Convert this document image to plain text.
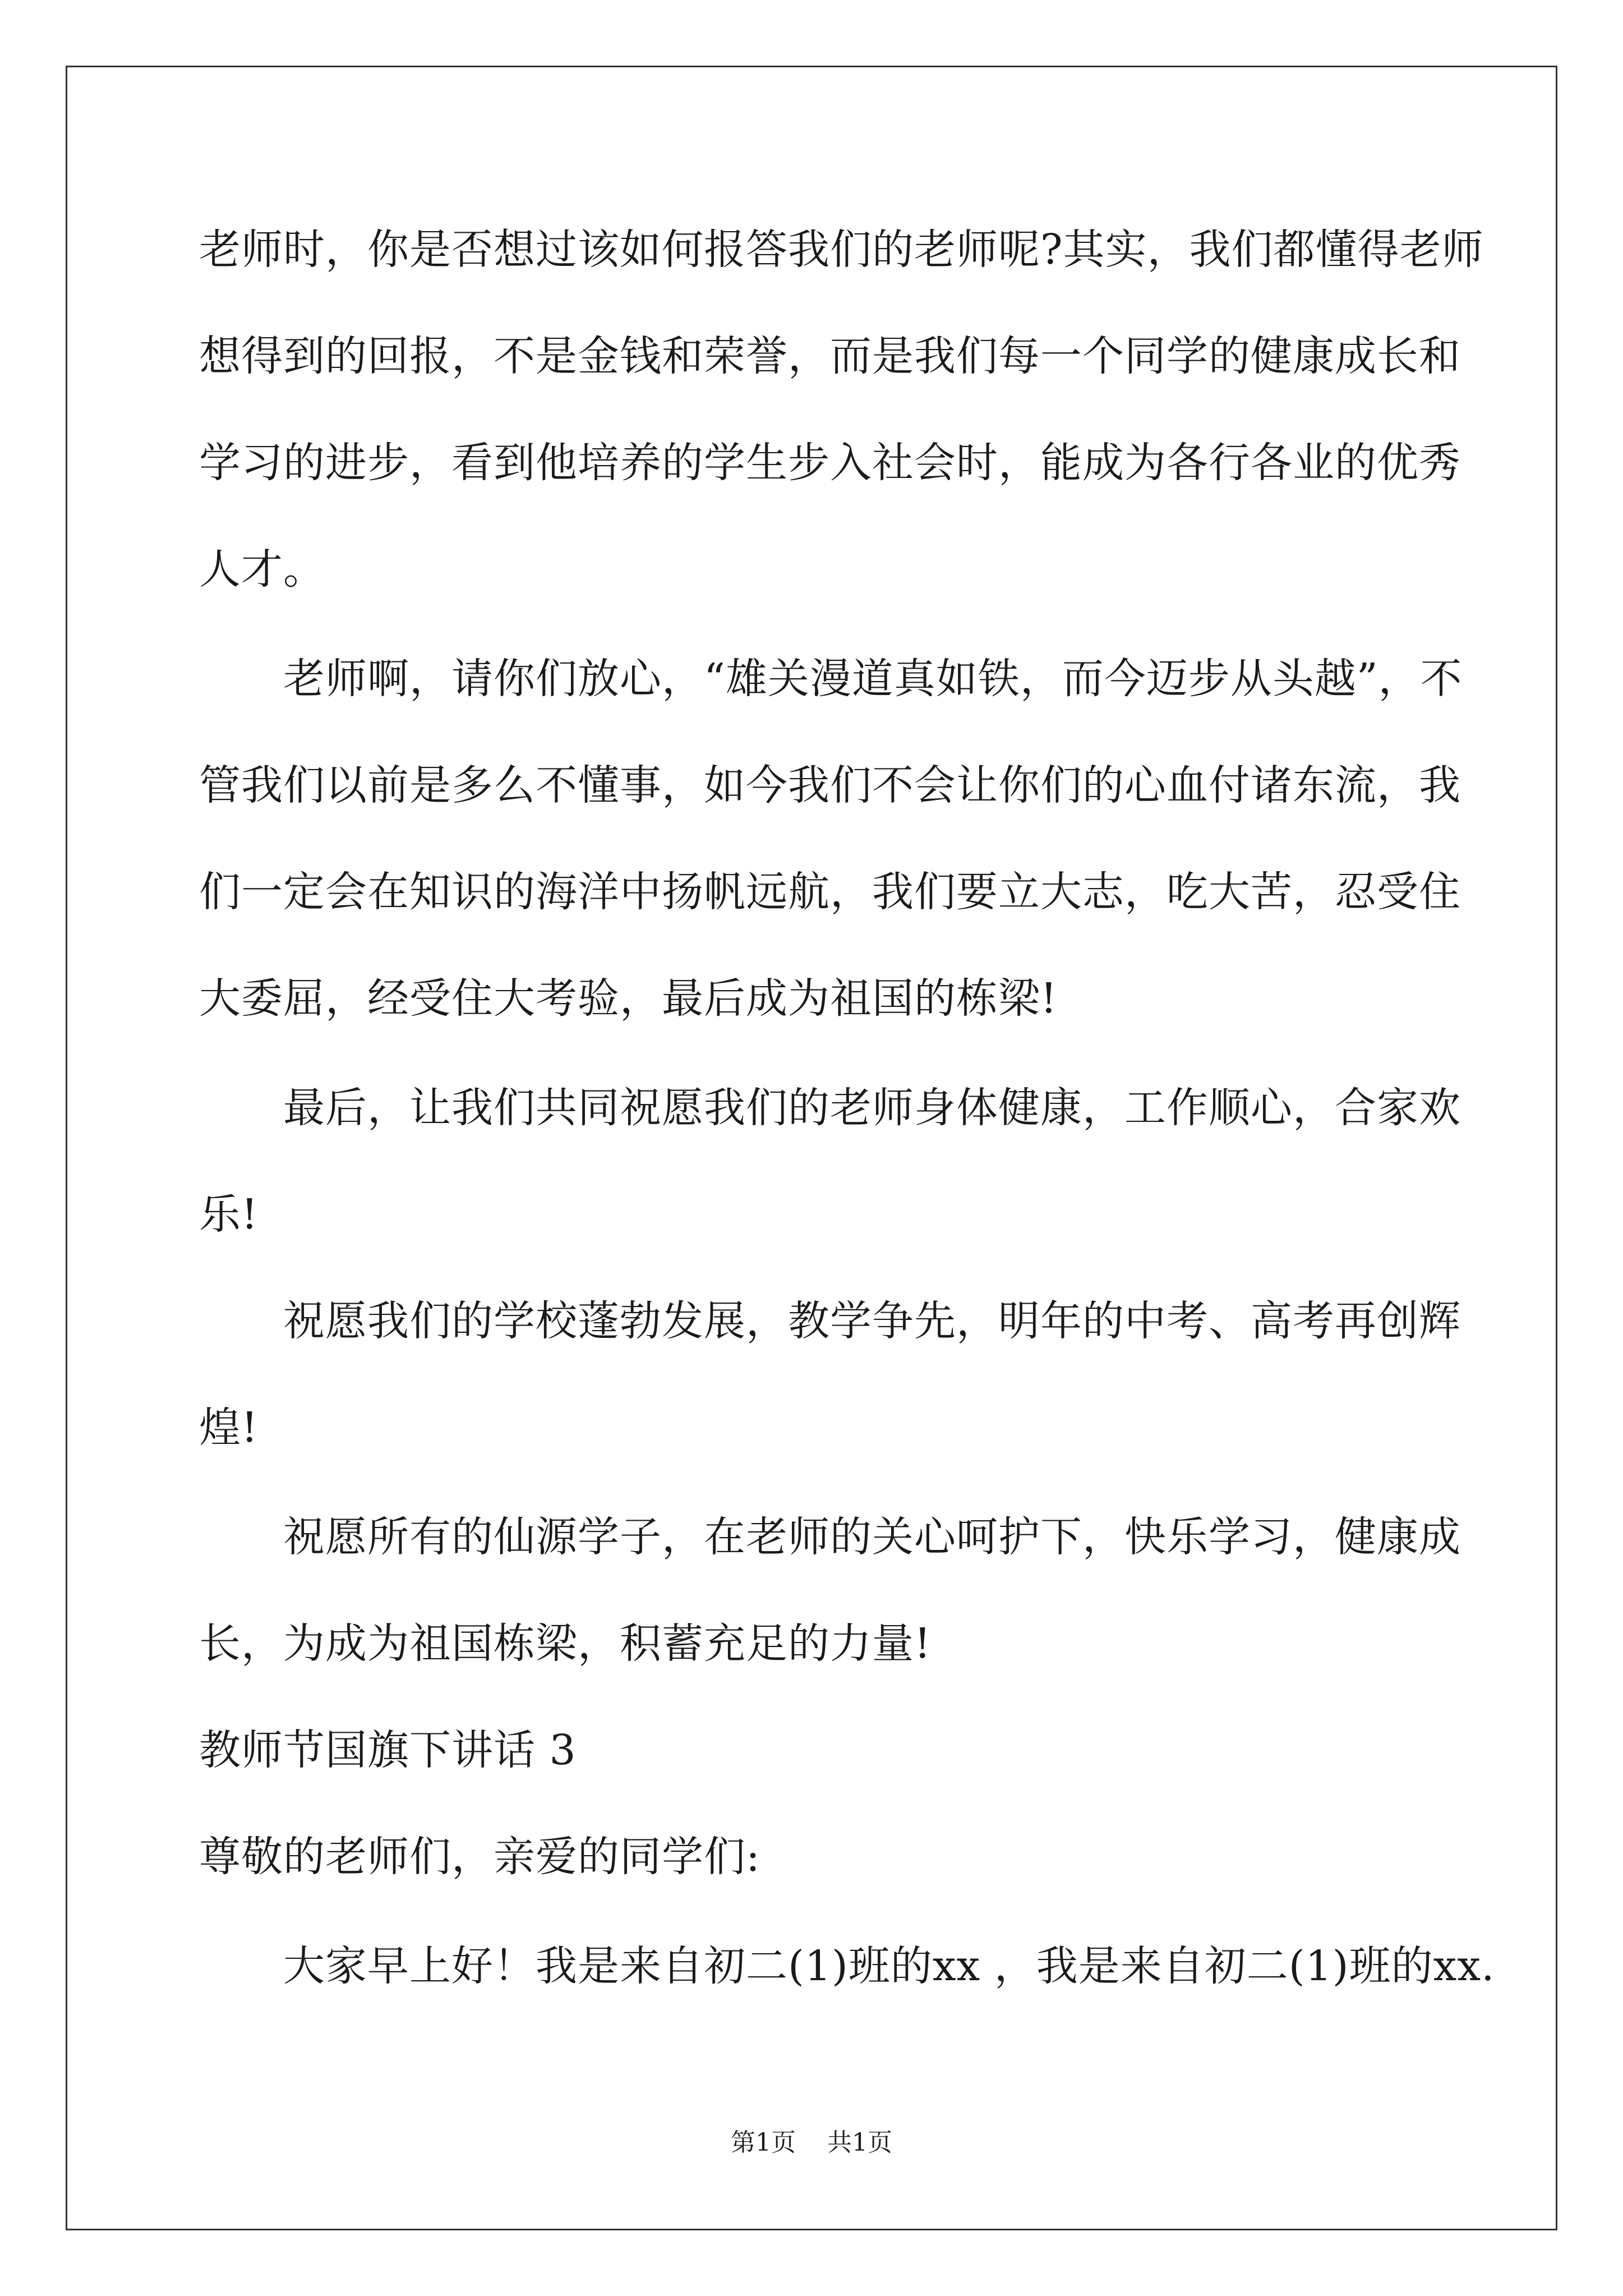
老师时，你是否想过该如何报答我们的老师呢?其实，我们都懂得老师
想得到的回报，不是金钱和荣誉，而是我们每一个同学的健康成长和
学习的进步，看到他培养的学生步入社会时，能成为各行各业的优秀
人才。
老师啊，请你们放心，“雄关漫道真如铁，而今迈步从头越”，不
管我们以前是多么不懂事，如今我们不会让你们的心血付诸东流，我
们一定会在知识的海洋中扬帆远航，我们要立大志，吃大苦，忍受住
大委屈，经受住大考验，最后成为祖国的栋梁!
最后，让我们共同祝愿我们的老师身体健康，工作顺心，合家欢
乐!
祝愿我们的学校蓬勃发展，教学争先，明年的中考、高考再创辉
煌!
祝愿所有的仙源学子，在老师的关心呵护下，快乐学习，健康成
长，为成为祖国栋梁，积蓄充足的力量!
教师节国旗下讲话 3
尊敬的老师们，亲爱的同学们:
大家早上好！我是来自初二(1)班的xx ，我是来自初二(1)班的xx.
第1页 共1页
